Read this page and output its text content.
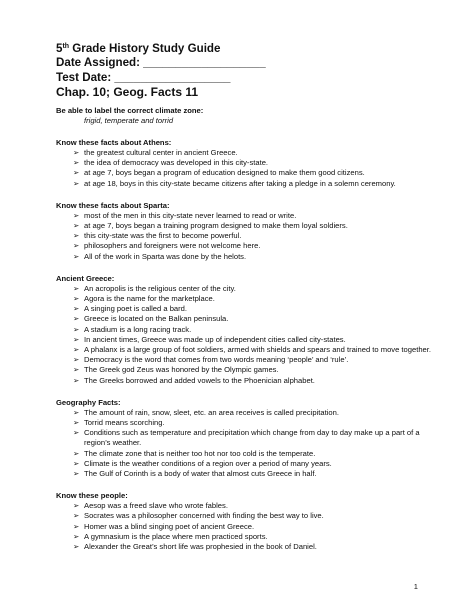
5th Grade History Study Guide
Date Assigned: ___________________
Test Date: __________________
Chap. 10; Geog. Facts 11
Be able to label the correct climate zone:
frigid, temperate and torrid
Know these facts about Athens:
➢ the greatest cultural center in ancient Greece.
➢ the idea of democracy was developed in this city-state.
➢ at age 7, boys began a program of education designed to make them good citizens.
➢ at age 18, boys in this city-state became citizens after taking a pledge in a solemn ceremony.
Know these facts about Sparta:
➢ most of the men in this city-state never learned to read or write.
➢ at age 7, boys began a training program designed to make them loyal soldiers.
➢ this city-state was the first to become powerful.
➢ philosophers and foreigners were not welcome here.
➢ All of the work in Sparta was done by the helots.
Ancient Greece:
➢ An acropolis is the religious center of the city.
➢ Agora is the name for the marketplace.
➢ A singing poet is called a bard.
➢ Greece is located on the Balkan peninsula.
➢ A stadium is a long racing track.
➢ In ancient times, Greece was made up of independent cities called city-states.
➢ A phalanx is a large group of foot soldiers, armed with shields and spears and trained to move together.
➢ Democracy is the word that comes from two words meaning ‘people’ and ‘rule’.
➢ The Greek god Zeus was honored by the Olympic games.
➢ The Greeks borrowed and added vowels to the Phoenician alphabet.
Geography Facts:
➢ The amount of rain, snow, sleet, etc. an area receives is called precipitation.
➢ Torrid means scorching.
➢ Conditions such as temperature and precipitation which change from day to day make up a part of a region’s weather.
➢ The climate zone that is neither too hot nor too cold is the temperate.
➢ Climate is the weather conditions of a region over a period of many years.
➢ The Gulf of Corinth is a body of water that almost cuts Greece in half.
Know these people:
➢ Aesop was a freed slave who wrote fables.
➢ Socrates was a philosopher concerned with finding the best way to live.
➢ Homer was a blind singing poet of ancient Greece.
➢ A gymnasium is the place where men practiced sports.
➢ Alexander the Great’s short life was prophesied in the book of Daniel.
1
